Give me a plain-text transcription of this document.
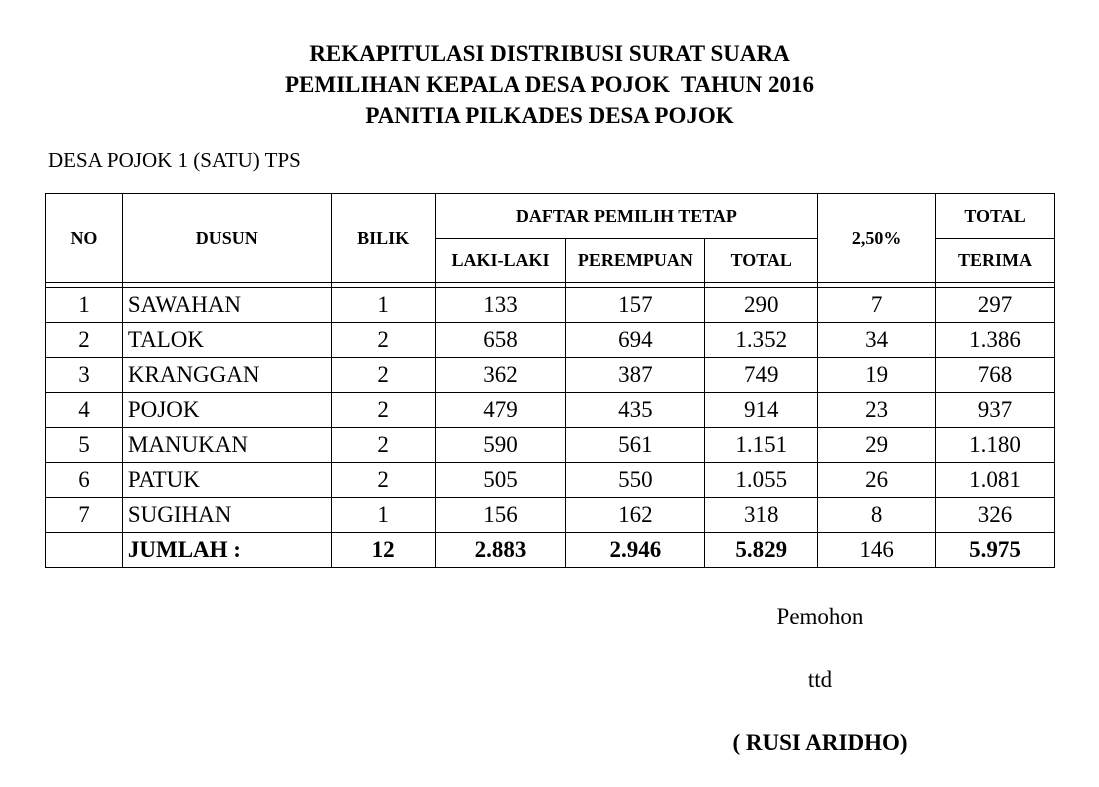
REKAPITULASI DISTRIBUSI SURAT SUARA
PEMILIHAN KEPALA DESA POJOK  TAHUN 2016
PANITIA PILKADES DESA POJOK
DESA POJOK 1 (SATU) TPS
NO	DUSUN	BILIK	DAFTAR PEMILIH TETAP			2,50%	TOTAL
			LAKI-LAKI	PEREMPUAN	TOTAL		TERIMA

1	SAWAHAN	1	133	157	290	7	297
2	TALOK	2	658	694	1.352	34	1.386
3	KRANGGAN	2	362	387	749	19	768
4	POJOK	2	479	435	914	23	937
5	MANUKAN	2	590	561	1.151	29	1.180
6	PATUK	2	505	550	1.055	26	1.081
7	SUGIHAN	1	156	162	318	8	326
	JUMLAH :	12	2.883	2.946	5.829	146	5.975
Pemohon
ttd
( RUSI ARIDHO)
